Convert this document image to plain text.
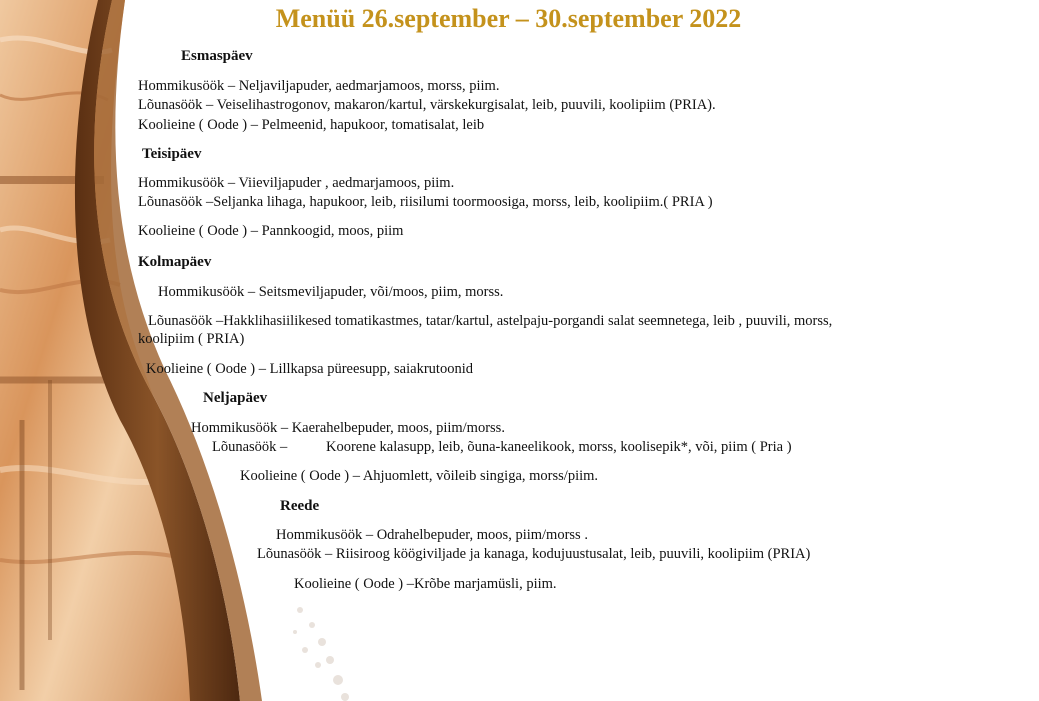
Menüü 26.september – 30.september 2022
Esmaspäev
Hommikusöök – Neljaviljapuder, aedmarjamoos, morss, piim.
Lõunasöök – Veiselihastrogonov, makaron/kartul, värskekurgisalat, leib, puuvili, koolipiim (PRIA).
Koolieine ( Oode ) – Pelmeenid, hapukoor, tomatisalat, leib
Teisipäev
Hommikusöök – Viieviljapuder , aedmarjamoos, piim.
Lõunasöök –Seljanka lihaga, hapukoor, leib, riisilumi toormoosiga, morss, leib, koolipiim.( PRIA )
Koolieine ( Oode ) – Pannkoogid, moos, piim
Kolmapäev
Hommikusöök – Seitsmeviljapuder, või/moos, piim, morss.
Lõunasöök –Hakklihasiilikesed tomatikastmes, tatar/kartul, astelpaju-porgandi salat seemnetega, leib , puuvili, morss,
koolipiim ( PRIA)
Koolieine ( Oode ) – Lillkapsa püreesupp, saiakrutoonid
Neljapäev
Hommikusöök – Kaerahelbepuder, moos, piim/morss.
Lõunasöök –	Koorene kalasupp, leib, õuna-kaneelikook, morss, koolisepik*, või, piim ( Pria )
Koolieine ( Oode ) – Ahjuomlett, võileib singiga, morss/piim.
Reede
Hommikusöök – Odrahelbepuder, moos, piim/morss .
Lõunasöök – Riisiroog köögiviljade ja kanaga, kodujuustusalat, leib, puuvili, koolipiim (PRIA)
Koolieine ( Oode ) –Krõbe marjamüsli, piim.
